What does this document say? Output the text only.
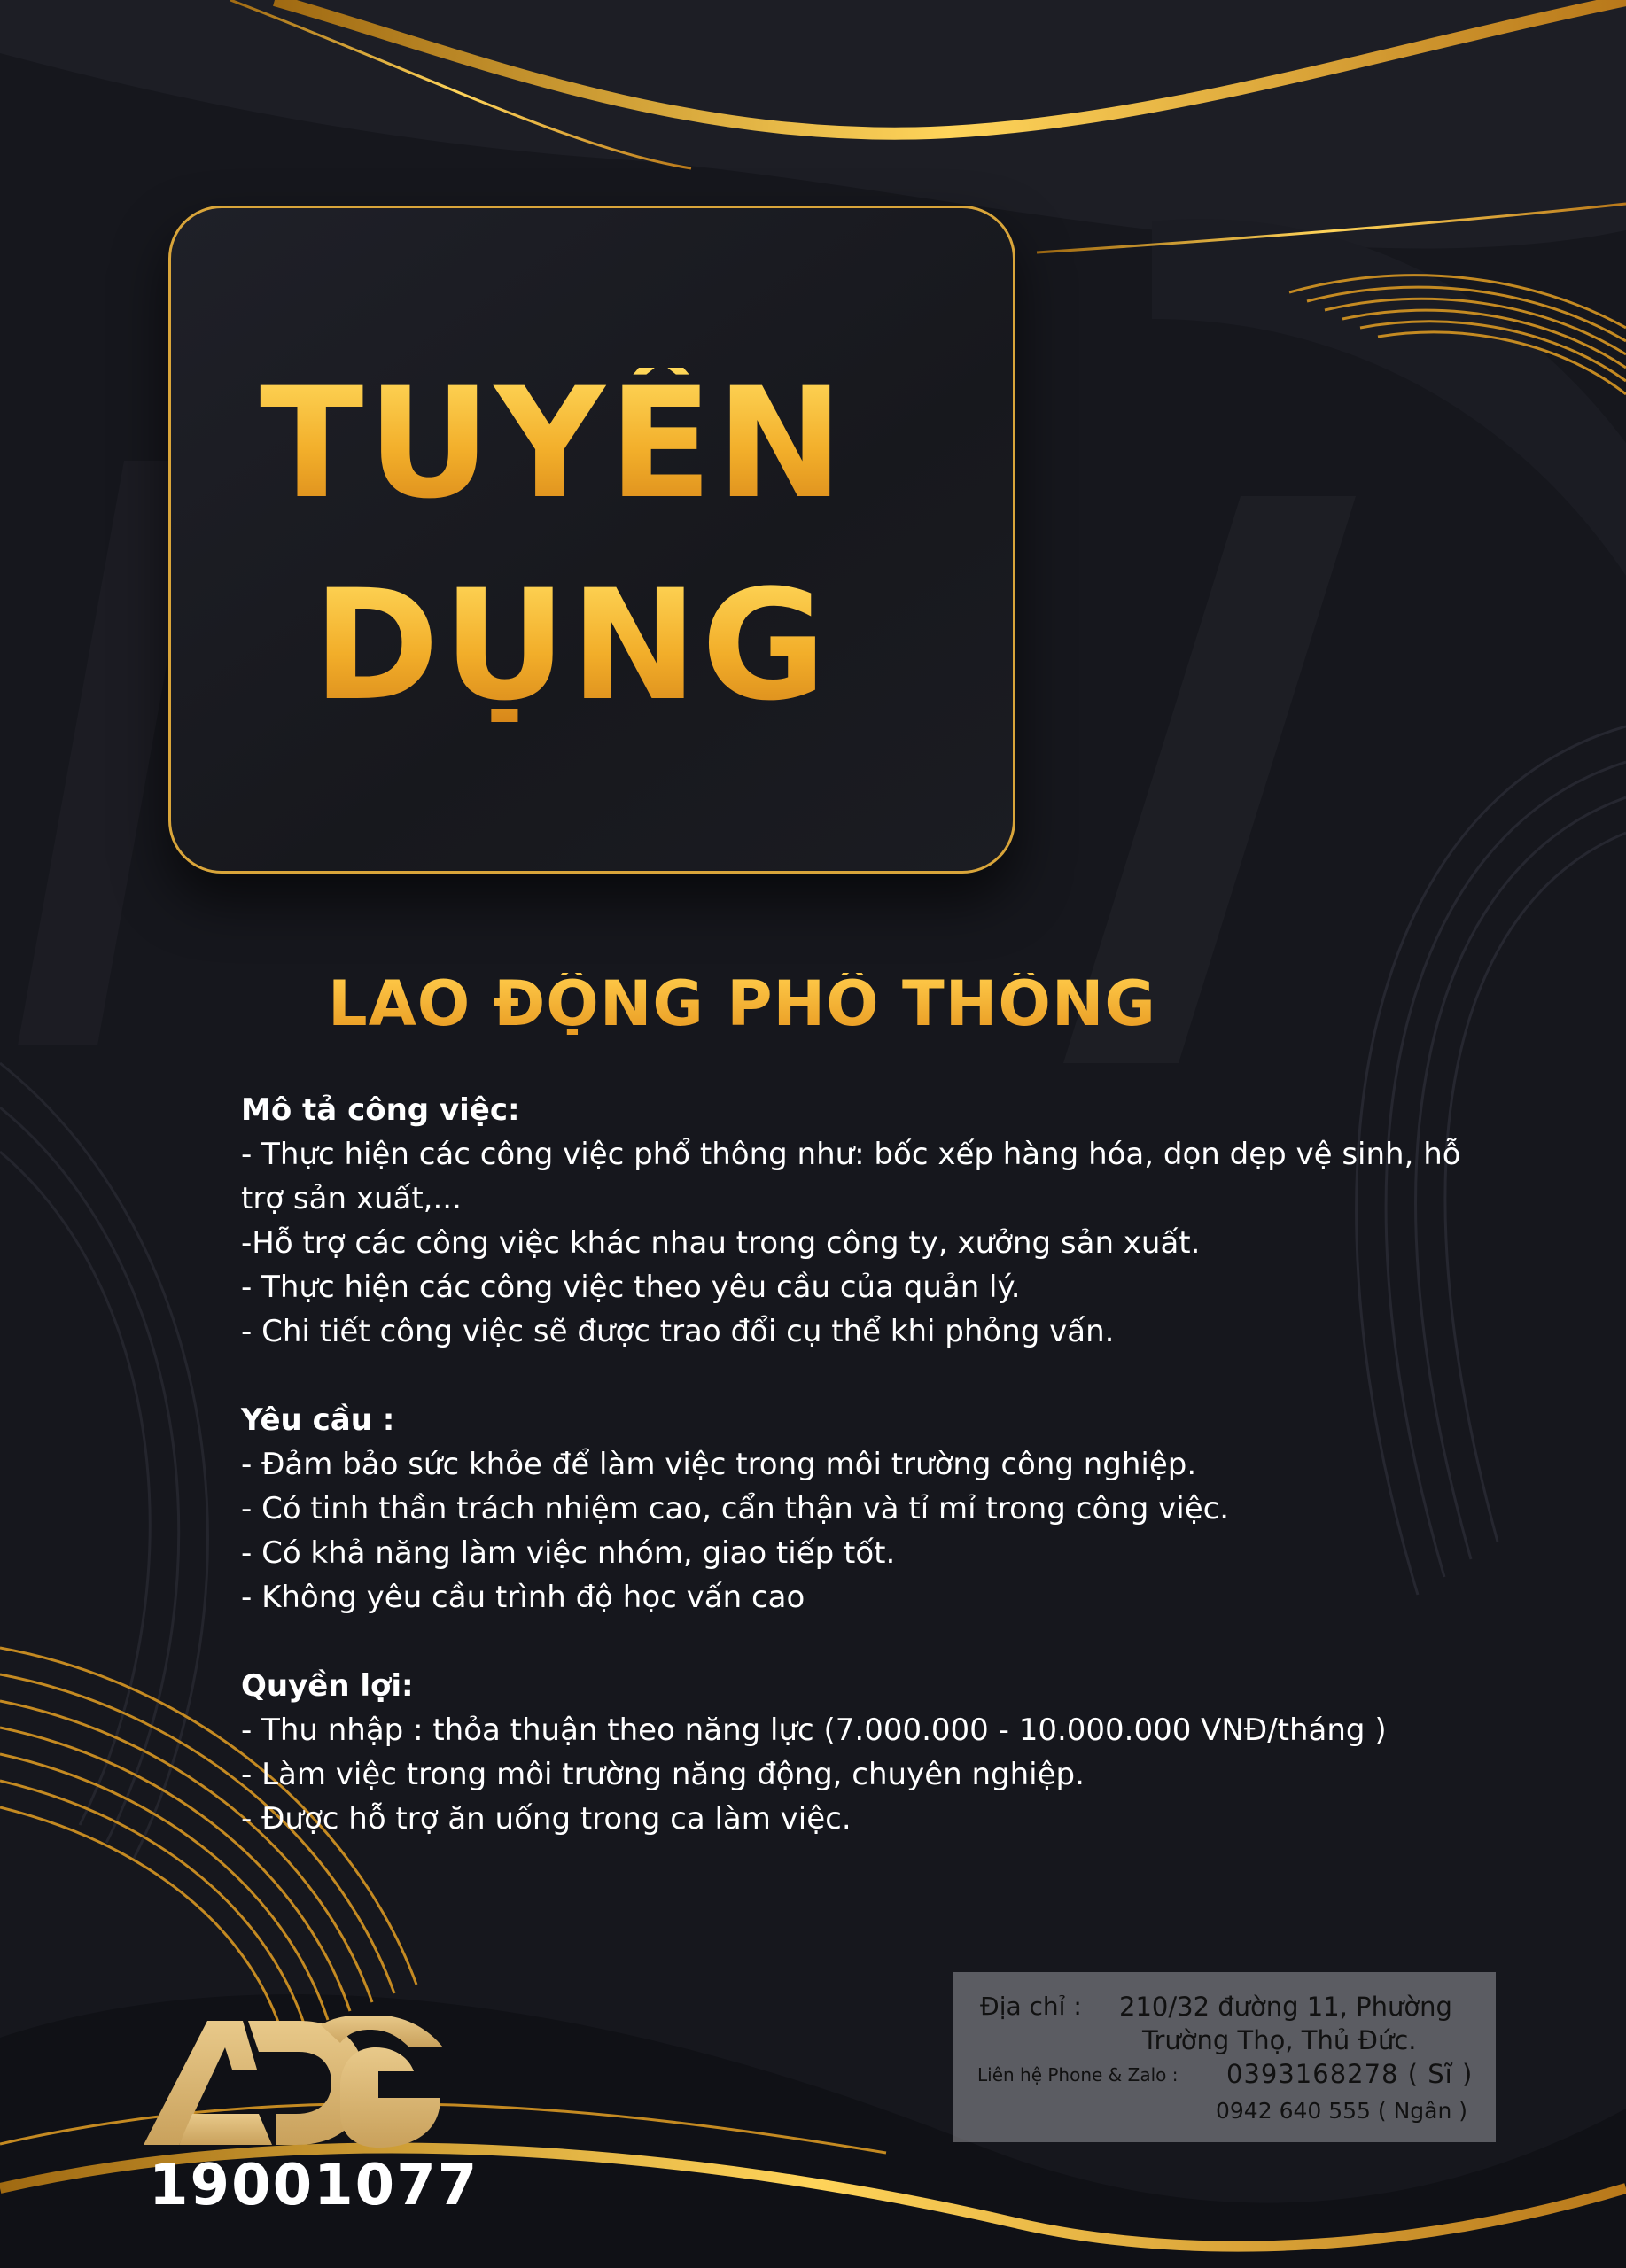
TUYỂN
DỤNG
LAO ĐỘNG PHỔ THÔNG
Mô tả công việc:
- Thực hiện các công việc phổ thông như: bốc xếp hàng hóa, dọn dẹp vệ sinh, hỗ
trợ sản xuất,...
-Hỗ trợ các công việc khác nhau trong công ty, xưởng sản xuất.
- Thực hiện các công việc theo yêu cầu của quản lý.
- Chi tiết công việc sẽ được trao đổi cụ thể khi phỏng vấn.
Yêu cầu :
- Đảm bảo sức khỏe để làm việc trong môi trường công nghiệp.
- Có tinh thần trách nhiệm cao, cẩn thận và tỉ mỉ trong công việc.
- Có khả năng làm việc nhóm, giao tiếp tốt.
- Không yêu cầu trình độ học vấn cao
Quyền lợi:
- Thu nhập : thỏa thuận theo năng lực (7.000.000 - 10.000.000 VNĐ/tháng )
- Làm việc trong môi trường năng động, chuyên nghiệp.
- Được hỗ trợ ăn uống trong ca làm việc.
Địa chỉ : 210/32 đường 11, Phường
Trường Thọ, Thủ Đức.
Liên hệ Phone & Zalo : 0393168278 ( Sĩ )
0942 640 555 ( Ngân )
19001077
